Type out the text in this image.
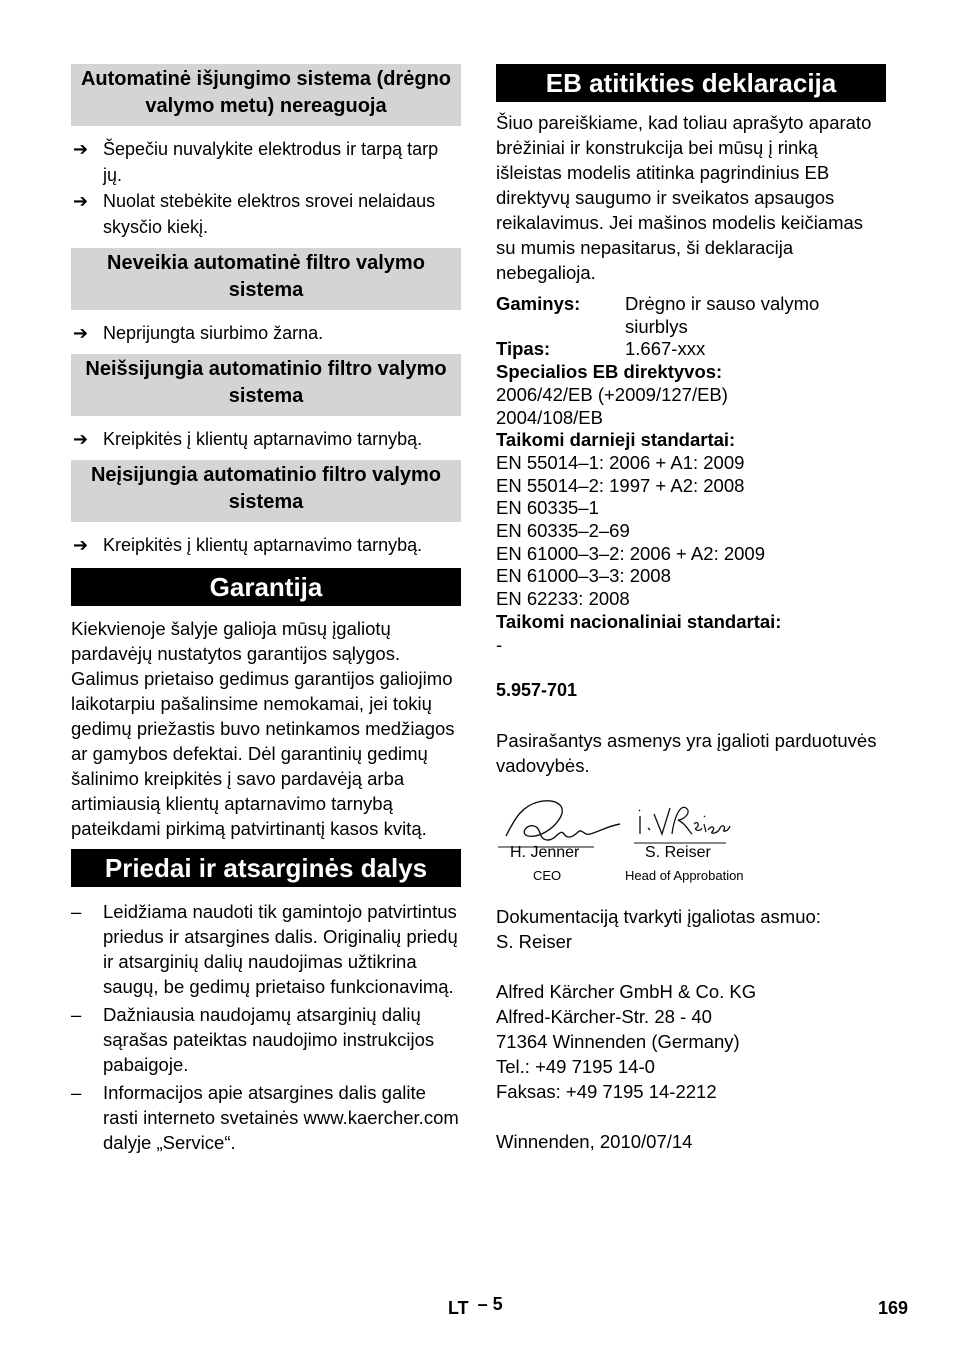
Automatinė išjungimo sistema (drėgno valymo metu) nereaguoja
➔ Šepečiu nuvalykite elektrodus ir tarpą tarp jų.
➔ Nuolat stebėkite elektros srovei nelaidaus skysčio kiekį.
Neveikia automatinė filtro valymo sistema
➔ Neprijungta siurbimo žarna.
Neišsijungia automatinio filtro valymo sistema
➔ Kreipkitės į klientų aptarnavimo tarnybą.
Neįsijungia automatinio filtro valymo sistema
➔ Kreipkitės į klientų aptarnavimo tarnybą.
Garantija

Kiekvienoje šalyje galioja mūsų įgaliotų pardavėjų nustatytos garantijos sąlygos. Galimus prietaiso gedimus garantijos galiojimo laikotarpiu pašalinsime nemokamai, jei tokių gedimų priežastis buvo netinkamos medžiagos ar gamybos defektai. Dėl garantinių gedimų šalinimo kreipkitės į savo pardavėją arba artimiausią klientų aptarnavimo tarnybą pateikdami pirkimą patvirtinantį kasos kvitą.

Priedai ir atsarginės dalys
– Leidžiama naudoti tik gamintojo patvirtintus priedus ir atsargines dalis. Originalių priedų ir atsarginių dalių naudojimas užtikrina saugų, be gedimų prietaiso funkcionavimą.
– Dažniausia naudojamų atsarginių dalių sąrašas pateiktas naudojimo instrukcijos pabaigoje.
– Informacijos apie atsargines dalis galite rasti interneto svetainės www.kaercher.com dalyje „Service“.
EB atitikties deklaracija

Šiuo pareiškiame, kad toliau aprašyto aparato brėžiniai ir konstrukcija bei mūsų į rinką išleistas modelis atitinka pagrindinius EB direktyvų saugumo ir sveikatos apsaugos reikalavimus. Jei mašinos modelis keičiamas su mumis nepasitarus, ši deklaracija nebegalioja.

Gaminys:	Drėgno ir sauso valymo siurblys
Tipas:	1.667-xxx
Specialios EB direktyvos:
2006/42/EB (+2009/127/EB)
2004/108/EB
Taikomi darnieji standartai:
EN 55014–1: 2006 + A1: 2009
EN 55014–2: 1997 + A2: 2008
EN 60335–1
EN 60335–2–69
EN 61000–3–2: 2006 + A2: 2009
EN 61000–3–3: 2008
EN 62233: 2008
Taikomi nacionaliniai standartai:
-
5.957-701

Pasirašantys asmenys yra įgalioti parduotuvės vadovybės.

H. Jenner
CEO
S. Reiser
Head of Approbation

Dokumentaciją tvarkyti įgaliotas asmuo:

S. Reiser

Alfred Kärcher GmbH & Co. KG

Alfred-Kärcher-Str. 28 - 40

71364 Winnenden (Germany)

Tel.: +49 7195 14-0

Faksas: +49 7195 14-2212

Winnenden, 2010/07/14

LT – 5	169
